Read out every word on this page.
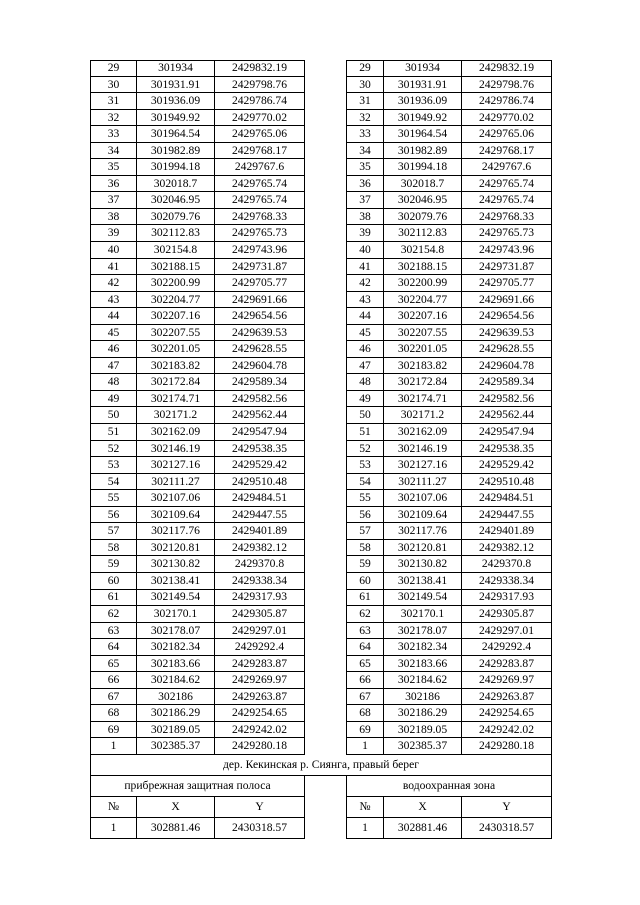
29	301934	2429832.19	29	301934	2429832.19
30	301931.91	2429798.76	30	301931.91	2429798.76
31	301936.09	2429786.74	31	301936.09	2429786.74
32	301949.92	2429770.02	32	301949.92	2429770.02
33	301964.54	2429765.06	33	301964.54	2429765.06
34	301982.89	2429768.17	34	301982.89	2429768.17
35	301994.18	2429767.6	35	301994.18	2429767.6
36	302018.7	2429765.74	36	302018.7	2429765.74
37	302046.95	2429765.74	37	302046.95	2429765.74
38	302079.76	2429768.33	38	302079.76	2429768.33
39	302112.83	2429765.73	39	302112.83	2429765.73
40	302154.8	2429743.96	40	302154.8	2429743.96
41	302188.15	2429731.87	41	302188.15	2429731.87
42	302200.99	2429705.77	42	302200.99	2429705.77
43	302204.77	2429691.66	43	302204.77	2429691.66
44	302207.16	2429654.56	44	302207.16	2429654.56
45	302207.55	2429639.53	45	302207.55	2429639.53
46	302201.05	2429628.55	46	302201.05	2429628.55
47	302183.82	2429604.78	47	302183.82	2429604.78
48	302172.84	2429589.34	48	302172.84	2429589.34
49	302174.71	2429582.56	49	302174.71	2429582.56
50	302171.2	2429562.44	50	302171.2	2429562.44
51	302162.09	2429547.94	51	302162.09	2429547.94
52	302146.19	2429538.35	52	302146.19	2429538.35
53	302127.16	2429529.42	53	302127.16	2429529.42
54	302111.27	2429510.48	54	302111.27	2429510.48
55	302107.06	2429484.51	55	302107.06	2429484.51
56	302109.64	2429447.55	56	302109.64	2429447.55
57	302117.76	2429401.89	57	302117.76	2429401.89
58	302120.81	2429382.12	58	302120.81	2429382.12
59	302130.82	2429370.8	59	302130.82	2429370.8
60	302138.41	2429338.34	60	302138.41	2429338.34
61	302149.54	2429317.93	61	302149.54	2429317.93
62	302170.1	2429305.87	62	302170.1	2429305.87
63	302178.07	2429297.01	63	302178.07	2429297.01
64	302182.34	2429292.4	64	302182.34	2429292.4
65	302183.66	2429283.87	65	302183.66	2429283.87
66	302184.62	2429269.97	66	302184.62	2429269.97
67	302186	2429263.87	67	302186	2429263.87
68	302186.29	2429254.65	68	302186.29	2429254.65
69	302189.05	2429242.02	69	302189.05	2429242.02
1	302385.37	2429280.18	1	302385.37	2429280.18
дер. Кекинская р. Сиянга, правый берег
прибрежная защитная полоса	водоохранная зона
№	X	Y	№	X	Y
1	302881.46	2430318.57	1	302881.46	2430318.57
